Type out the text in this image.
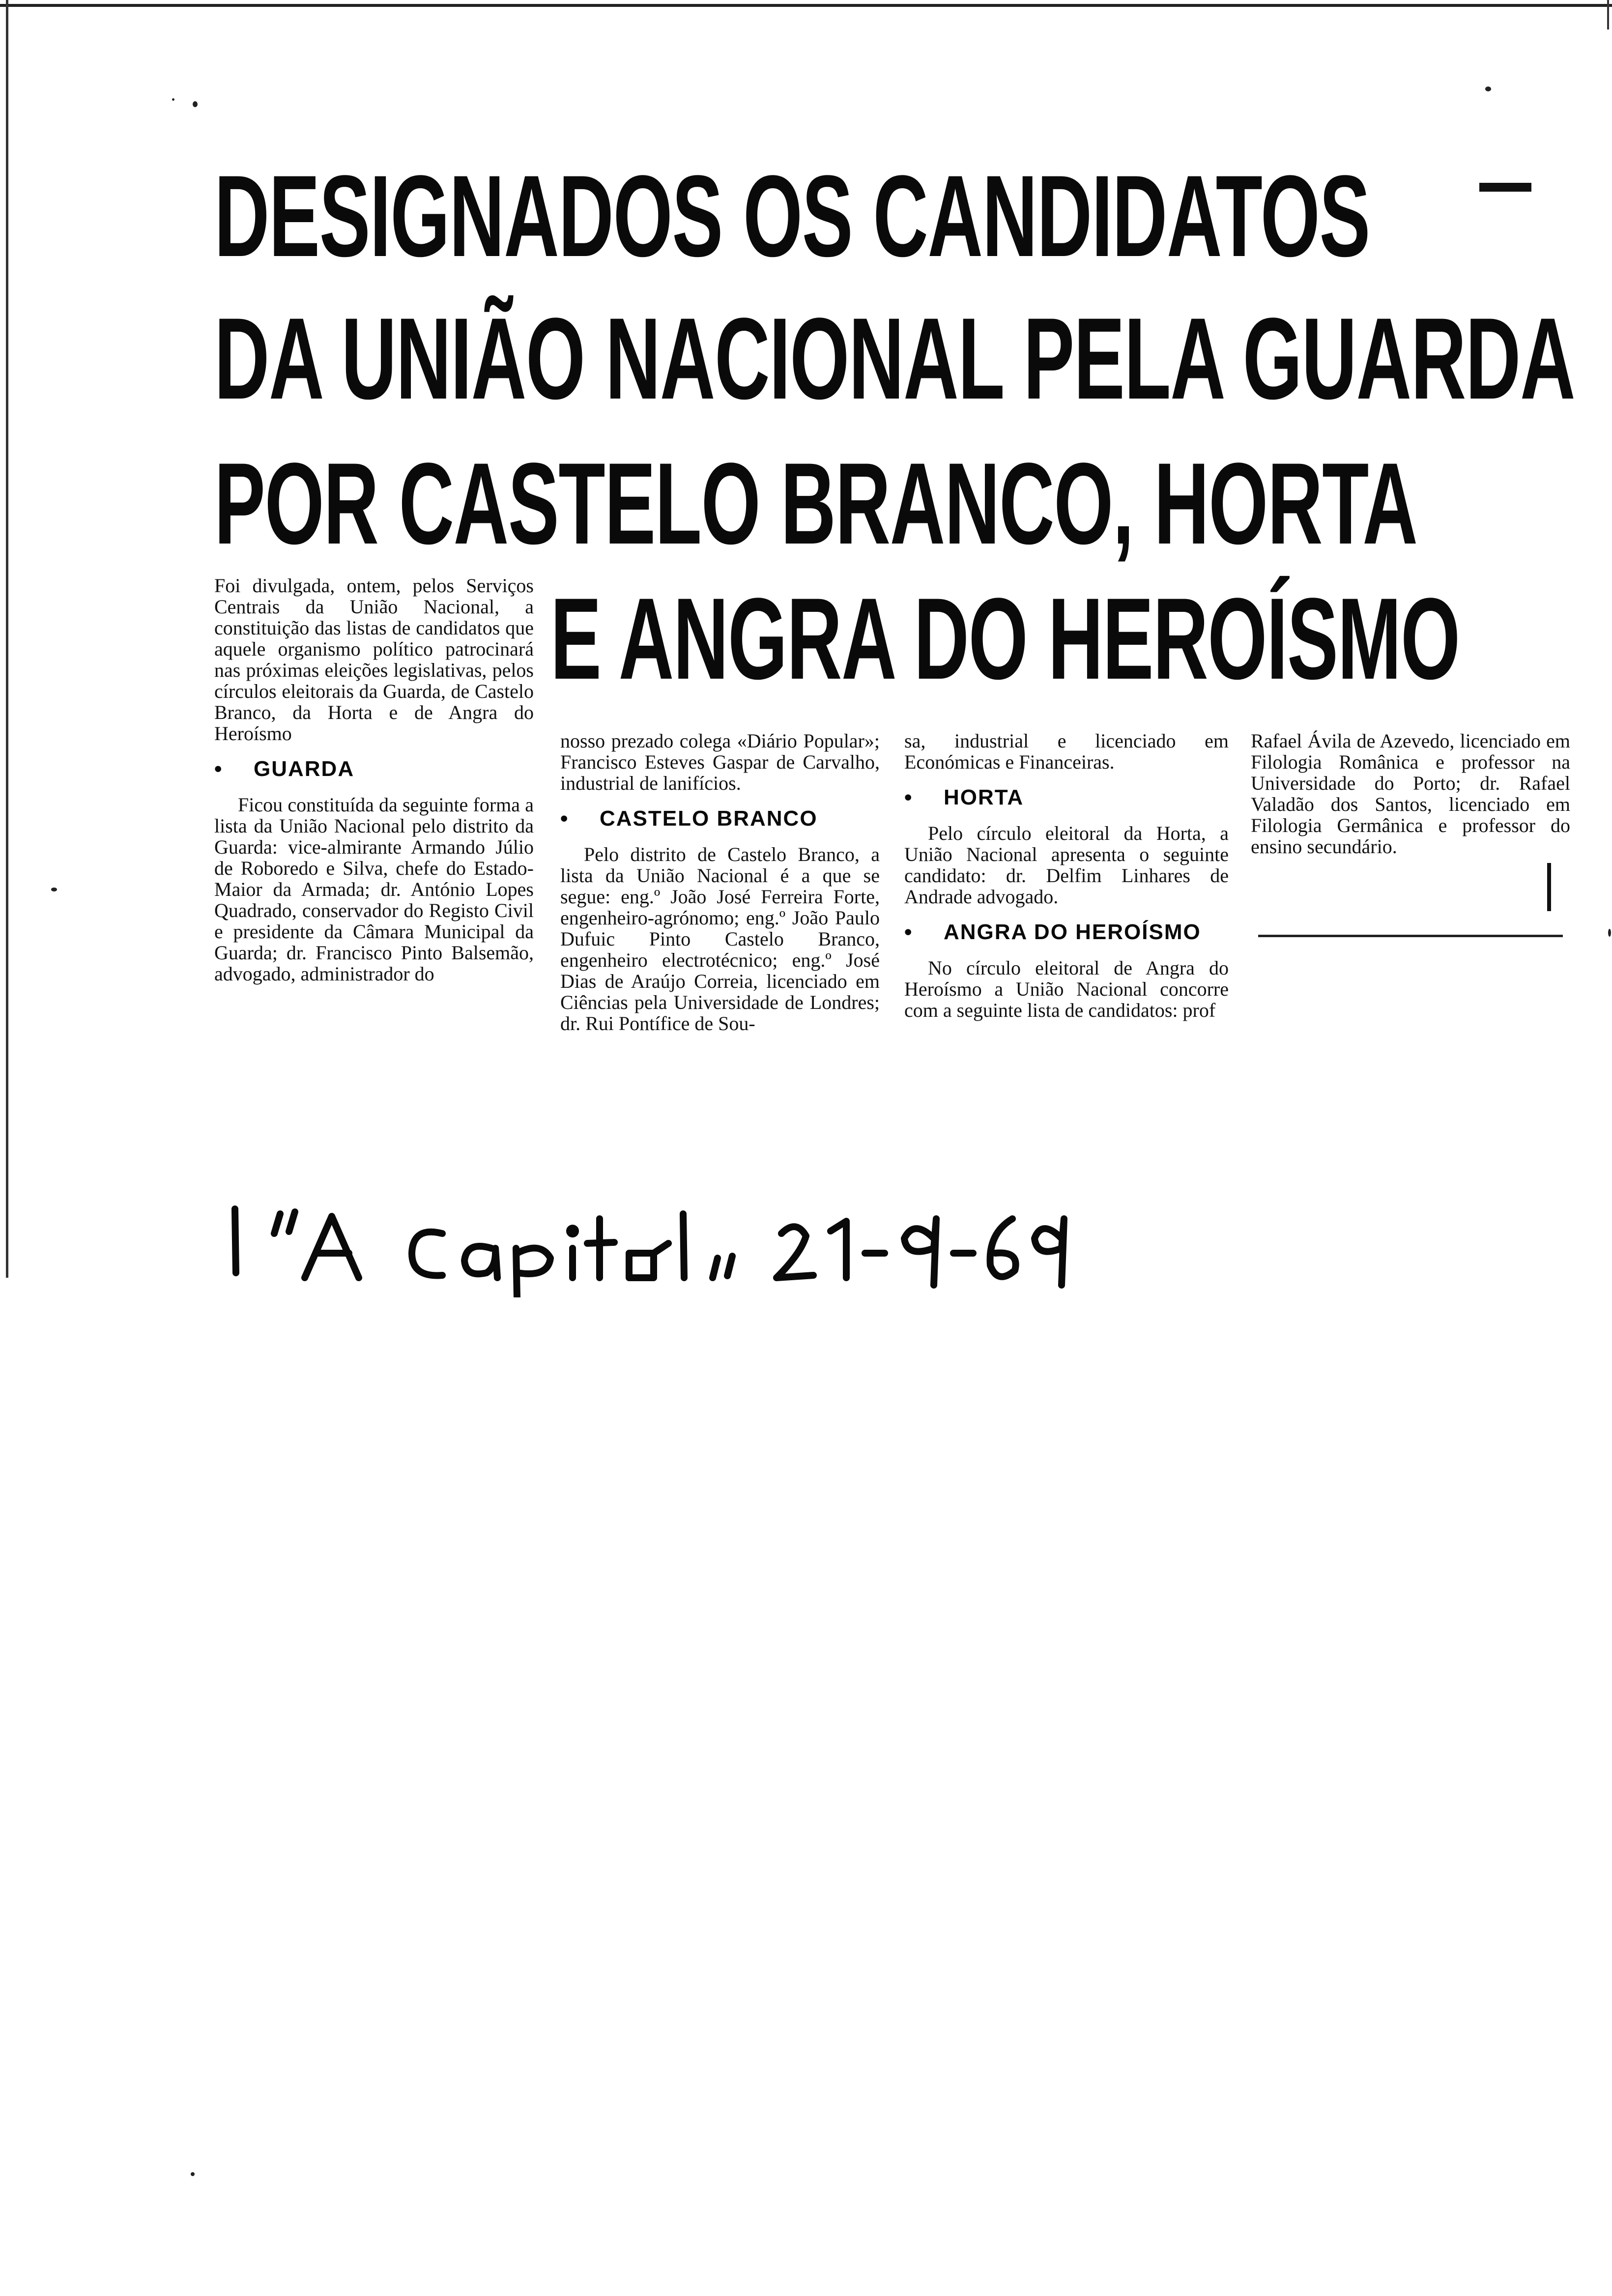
DESIGNADOS OS CANDIDATOS
DA UNIÃO NACIONAL PELA GUARDA
POR CASTELO BRANCO, HORTA
E ANGRA DO HEROÍSMO

Foi divulgada, ontem, pelos Serviços Centrais da União Nacional, a constituição das listas de candidatos que aquele organismo político patrocinará nas próximas eleições legislativas, pelos círculos eleitorais da Guarda, de Castelo Branco, da Horta e de Angra do Heroísmo

• GUARDA

Ficou constituída da seguinte forma a lista da União Nacional pelo distrito da Guarda: vice-almirante Armando Júlio de Roboredo e Silva, chefe do Estado-Maior da Armada; dr. António Lopes Quadrado, conservador do Registo Civil e presidente da Câmara Municipal da Guarda; dr. Francisco Pinto Balsemão, advogado, administrador do

nosso prezado colega «Diário Popular»; Francisco Esteves Gaspar de Carvalho, industrial de lanifícios.

• CASTELO BRANCO

Pelo distrito de Castelo Branco, a lista da União Nacional é a que se segue: eng.º João José Ferreira Forte, engenheiro-agrónomo; eng.º João Paulo Dufuic Pinto Castelo Branco, engenheiro electrotécnico; eng.º José Dias de Araújo Correia, licenciado em Ciências pela Universidade de Londres; dr. Rui Pontífice de Sou-

sa, industrial e licenciado em Económicas e Financeiras.

• HORTA

Pelo círculo eleitoral da Horta, a União Nacional apresenta o seguinte candidato: dr. Delfim Linhares de Andrade advogado.

• ANGRA DO HEROÍSMO

No círculo eleitoral de Angra do Heroísmo a União Nacional concorre com a seguinte lista de candidatos: prof

Rafael Ávila de Azevedo, licenciado em Filologia Românica e professor na Universidade do Porto; dr. Rafael Valadão dos Santos, licenciado em Filologia Germânica e professor do ensino secundário.
